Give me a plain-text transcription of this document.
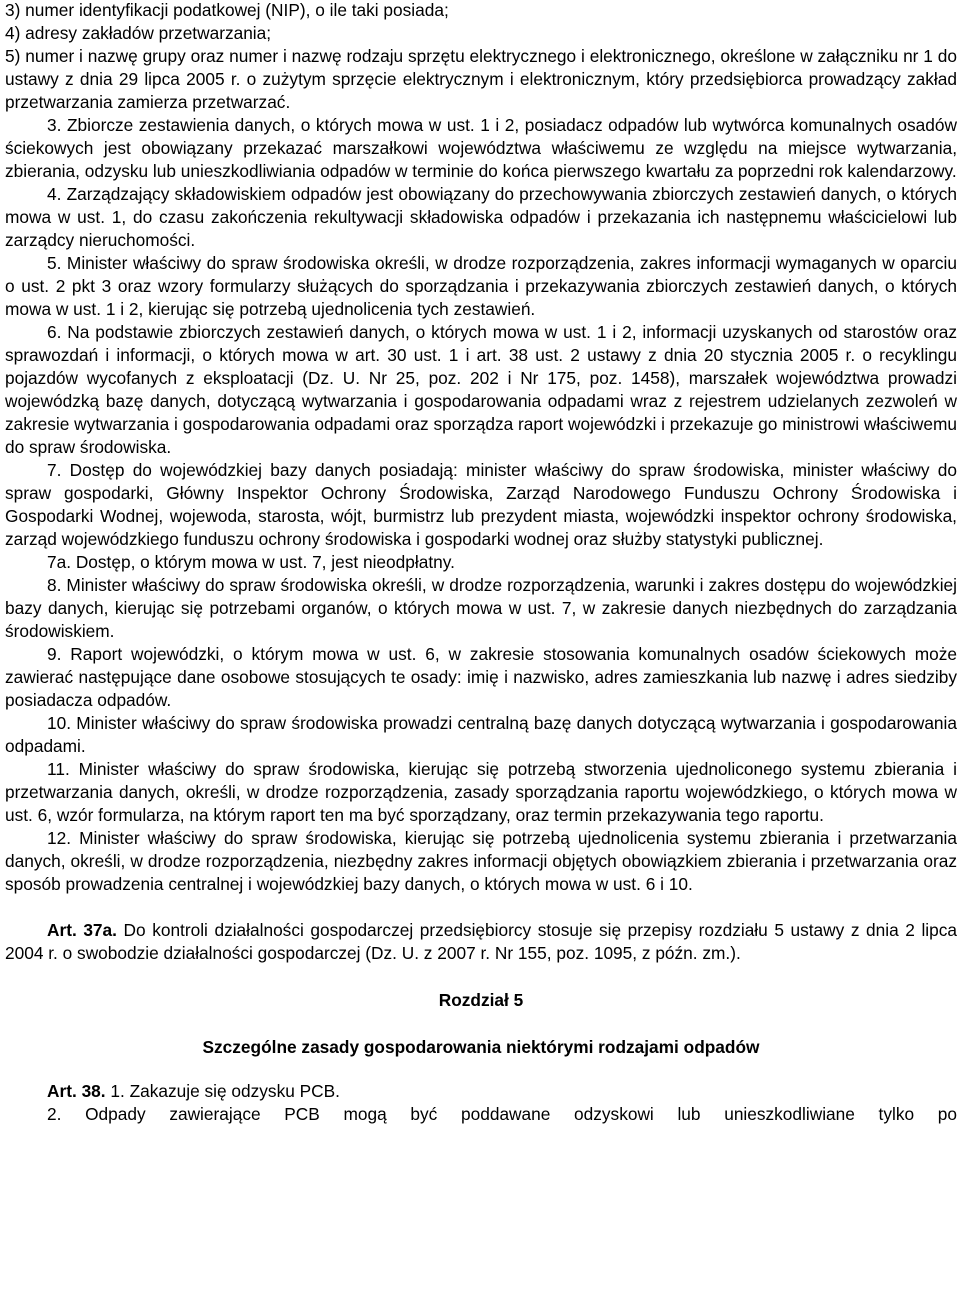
3) numer identyfikacji podatkowej (NIP), o ile taki posiada;

4) adresy zakładów przetwarzania;

5) numer i nazwę grupy oraz numer i nazwę rodzaju sprzętu elektrycznego i elektronicznego, określone w załączniku nr 1 do ustawy z dnia 29 lipca 2005 r. o zużytym sprzęcie elektrycznym i elektronicznym, który przedsiębiorca prowadzący zakład przetwarzania zamierza przetwarzać.

3. Zbiorcze zestawienia danych, o których mowa w ust. 1 i 2, posiadacz odpadów lub wytwórca komunalnych osadów ściekowych jest obowiązany przekazać marszałkowi województwa właściwemu ze względu na miejsce wytwarzania, zbierania, odzysku lub unieszkodliwiania odpadów w terminie do końca pierwszego kwartału za poprzedni rok kalendarzowy.

4. Zarządzający składowiskiem odpadów jest obowiązany do przechowywania zbiorczych zestawień danych, o których mowa w ust. 1, do czasu zakończenia rekultywacji składowiska odpadów i przekazania ich następnemu właścicielowi lub zarządcy nieruchomości.

5. Minister właściwy do spraw środowiska określi, w drodze rozporządzenia, zakres informacji wymaganych w oparciu o ust. 2 pkt 3 oraz wzory formularzy służących do sporządzania i przekazywania zbiorczych zestawień danych, o których mowa w ust. 1 i 2, kierując się potrzebą ujednolicenia tych zestawień.

6. Na podstawie zbiorczych zestawień danych, o których mowa w ust. 1 i 2, informacji uzyskanych od starostów oraz sprawozdań i informacji, o których mowa w art. 30 ust. 1 i art. 38 ust. 2 ustawy z dnia 20 stycznia 2005 r. o recyklingu pojazdów wycofanych z eksploatacji (Dz. U. Nr 25, poz. 202 i Nr 175, poz. 1458), marszałek województwa prowadzi wojewódzką bazę danych, dotyczącą wytwarzania i gospodarowania odpadami wraz z rejestrem udzielanych zezwoleń w zakresie wytwarzania i gospodarowania odpadami oraz sporządza raport wojewódzki i przekazuje go ministrowi właściwemu do spraw środowiska.

7. Dostęp do wojewódzkiej bazy danych posiadają: minister właściwy do spraw środowiska, minister właściwy do spraw gospodarki, Główny Inspektor Ochrony Środowiska, Zarząd Narodowego Funduszu Ochrony Środowiska i Gospodarki Wodnej, wojewoda, starosta, wójt, burmistrz lub prezydent miasta, wojewódzki inspektor ochrony środowiska, zarząd wojewódzkiego funduszu ochrony środowiska i gospodarki wodnej oraz służby statystyki publicznej.

7a. Dostęp, o którym mowa w ust. 7, jest nieodpłatny.

8. Minister właściwy do spraw środowiska określi, w drodze rozporządzenia, warunki i zakres dostępu do wojewódzkiej bazy danych, kierując się potrzebami organów, o których mowa w ust. 7, w zakresie danych niezbędnych do zarządzania środowiskiem.

9. Raport wojewódzki, o którym mowa w ust. 6, w zakresie stosowania komunalnych osadów ściekowych może zawierać następujące dane osobowe stosujących te osady: imię i nazwisko, adres zamieszkania lub nazwę i adres siedziby posiadacza odpadów.

10. Minister właściwy do spraw środowiska prowadzi centralną bazę danych dotyczącą wytwarzania i gospodarowania odpadami.

11. Minister właściwy do spraw środowiska, kierując się potrzebą stworzenia ujednoliconego systemu zbierania i przetwarzania danych, określi, w drodze rozporządzenia, zasady sporządzania raportu wojewódzkiego, o których mowa w ust. 6, wzór formularza, na którym raport ten ma być sporządzany, oraz termin przekazywania tego raportu.

12. Minister właściwy do spraw środowiska, kierując się potrzebą ujednolicenia systemu zbierania i przetwarzania danych, określi, w drodze rozporządzenia, niezbędny zakres informacji objętych obowiązkiem zbierania i przetwarzania oraz sposób prowadzenia centralnej i wojewódzkiej bazy danych, o których mowa w ust. 6 i 10.

Art. 37a. Do kontroli działalności gospodarczej przedsiębiorcy stosuje się przepisy rozdziału 5 ustawy z dnia 2 lipca 2004 r. o swobodzie działalności gospodarczej (Dz. U. z 2007 r. Nr 155, poz. 1095, z późn. zm.).

Rozdział 5

Szczególne zasady gospodarowania niektórymi rodzajami odpadów

Art. 38. 1. Zakazuje się odzysku PCB.

2. Odpady zawierające PCB mogą być poddawane odzyskowi lub unieszkodliwiane tylko po
